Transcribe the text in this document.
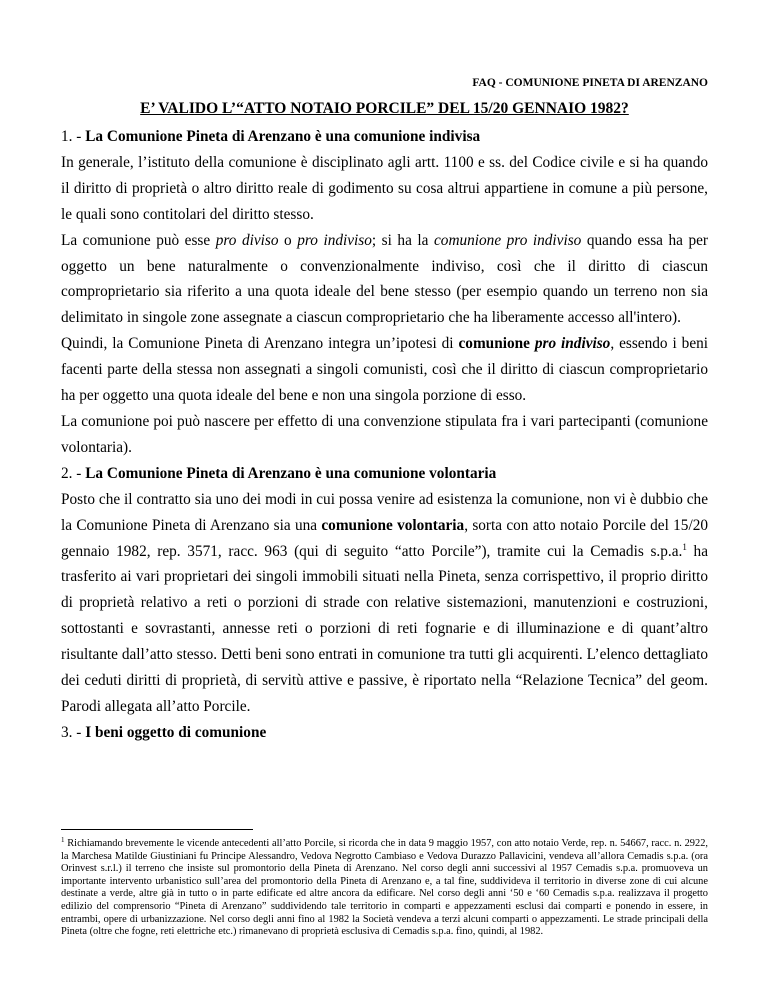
FAQ - COMUNIONE PINETA DI ARENZANO
E’ VALIDO L’“ATTO NOTAIO PORCILE” DEL 15/20 GENNAIO 1982?
1. - La Comunione Pineta di Arenzano è una comunione indivisa

In generale, l’istituto della comunione è disciplinato agli artt. 1100 e ss. del Codice civile e si ha quando il diritto di proprietà o altro diritto reale di godimento su cosa altrui appartiene in comune a più persone, le quali sono contitolari del diritto stesso.

La comunione può esse pro diviso o pro indiviso; si ha la comunione pro indiviso quando essa ha per oggetto un bene naturalmente o convenzionalmente indiviso, così che il diritto di ciascun comproprietario sia riferito a una quota ideale del bene stesso (per esempio quando un terreno non sia delimitato in singole zone assegnate a ciascun comproprietario che ha liberamente accesso all'intero).

Quindi, la Comunione Pineta di Arenzano integra un’ipotesi di comunione pro indiviso, essendo i beni facenti parte della stessa non assegnati a singoli comunisti, così che il diritto di ciascun comproprietario ha per oggetto una quota ideale del bene e non una singola porzione di esso.

La comunione poi può nascere per effetto di una convenzione stipulata fra i vari partecipanti (comunione volontaria).

2. - La Comunione Pineta di Arenzano è una comunione volontaria

Posto che il contratto sia uno dei modi in cui possa venire ad esistenza la comunione, non vi è dubbio che la Comunione Pineta di Arenzano sia una comunione volontaria, sorta con atto notaio Porcile del 15/20 gennaio 1982, rep. 3571, racc. 963 (qui di seguito “atto Porcile”), tramite cui la Cemadis s.p.a.$^1$ ha trasferito ai vari proprietari dei singoli immobili situati nella Pineta, senza corrispettivo, il proprio diritto di proprietà relativo a reti o porzioni di strade con relative sistemazioni, manutenzioni e costruzioni, sottostanti e sovrastanti, annesse reti o porzioni di reti fognarie e di illuminazione e di quant’altro risultante dall’atto stesso. Detti beni sono entrati in comunione tra tutti gli acquirenti. L’elenco dettagliato dei ceduti diritti di proprietà, di servitù attive e passive, è riportato nella “Relazione Tecnica” del geom. Parodi allegata all’atto Porcile.

3. - I beni oggetto di comunione
$^1$ Richiamando brevemente le vicende antecedenti all’atto Porcile, si ricorda che in data 9 maggio 1957, con atto notaio Verde, rep. n. 54667, racc. n. 2922, la Marchesa Matilde Giustiniani fu Principe Alessandro, Vedova Negrotto Cambiaso e Vedova Durazzo Pallavicini, vendeva all’allora Cemadis s.p.a. (ora Orinvest s.r.l.) il terreno che insiste sul promontorio della Pineta di Arenzano. Nel corso degli anni successivi al 1957 Cemadis s.p.a. promuoveva un importante intervento urbanistico sull’area del promontorio della Pineta di Arenzano e, a tal fine, suddivideva il territorio in diverse zone di cui alcune destinate a verde, altre già in tutto o in parte edificate ed altre ancora da edificare. Nel corso degli anni ‘50 e ‘60 Cemadis s.p.a. realizzava il progetto edilizio del comprensorio “Pineta di Arenzano” suddividendo tale territorio in comparti e appezzamenti esclusi dai comparti e ponendo in essere, in entrambi, opere di urbanizzazione. Nel corso degli anni fino al 1982 la Società vendeva a terzi alcuni comparti o appezzamenti. Le strade principali della Pineta (oltre che fogne, reti elettriche etc.) rimanevano di proprietà esclusiva di Cemadis s.p.a. fino, quindi, al 1982.
